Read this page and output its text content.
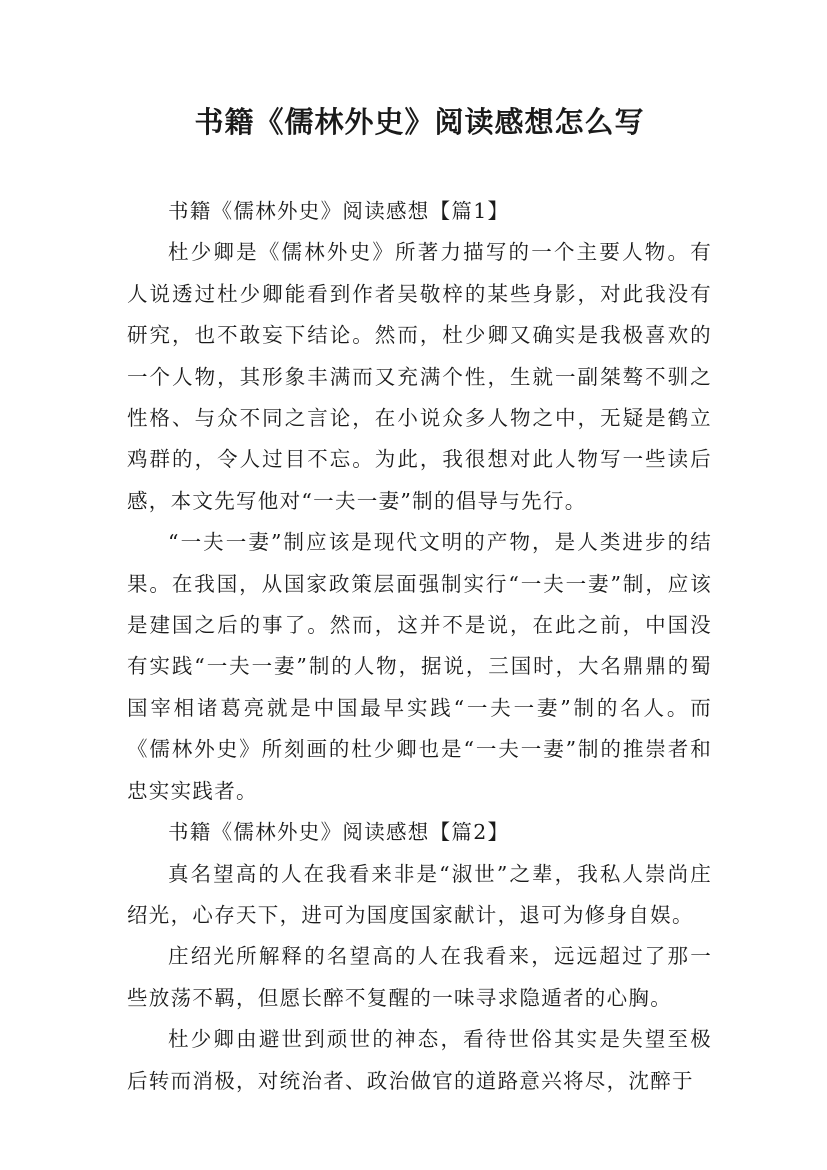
书籍《儒林外史》阅读感想怎么写

书籍《儒林外史》阅读感想【篇1】

杜少卿是《儒林外史》所著力描写的一个主要人物。有人说透过杜少卿能看到作者吴敬梓的某些身影，对此我没有研究，也不敢妄下结论。然而，杜少卿又确实是我极喜欢的一个人物，其形象丰满而又充满个性，生就一副桀骜不驯之性格、与众不同之言论，在小说众多人物之中，无疑是鹤立鸡群的，令人过目不忘。为此，我很想对此人物写一些读后感，本文先写他对“一夫一妻”制的倡导与先行。

“一夫一妻”制应该是现代文明的产物，是人类进步的结果。在我国，从国家政策层面强制实行“一夫一妻”制，应该是建国之后的事了。然而，这并不是说，在此之前，中国没有实践“一夫一妻”制的人物，据说，三国时，大名鼎鼎的蜀国宰相诸葛亮就是中国最早实践“一夫一妻”制的名人。而《儒林外史》所刻画的杜少卿也是“一夫一妻”制的推崇者和忠实实践者。

书籍《儒林外史》阅读感想【篇2】

真名望高的人在我看来非是“淑世”之辈，我私人崇尚庄绍光，心存天下，进可为国度国家献计，退可为修身自娱。

庄绍光所解释的名望高的人在我看来，远远超过了那一些放荡不羁，但愿长醉不复醒的一味寻求隐遁者的心胸。

杜少卿由避世到顽世的神态，看待世俗其实是失望至极后转而消极，对统治者、政治做官的道路意兴将尽，沈醉于
